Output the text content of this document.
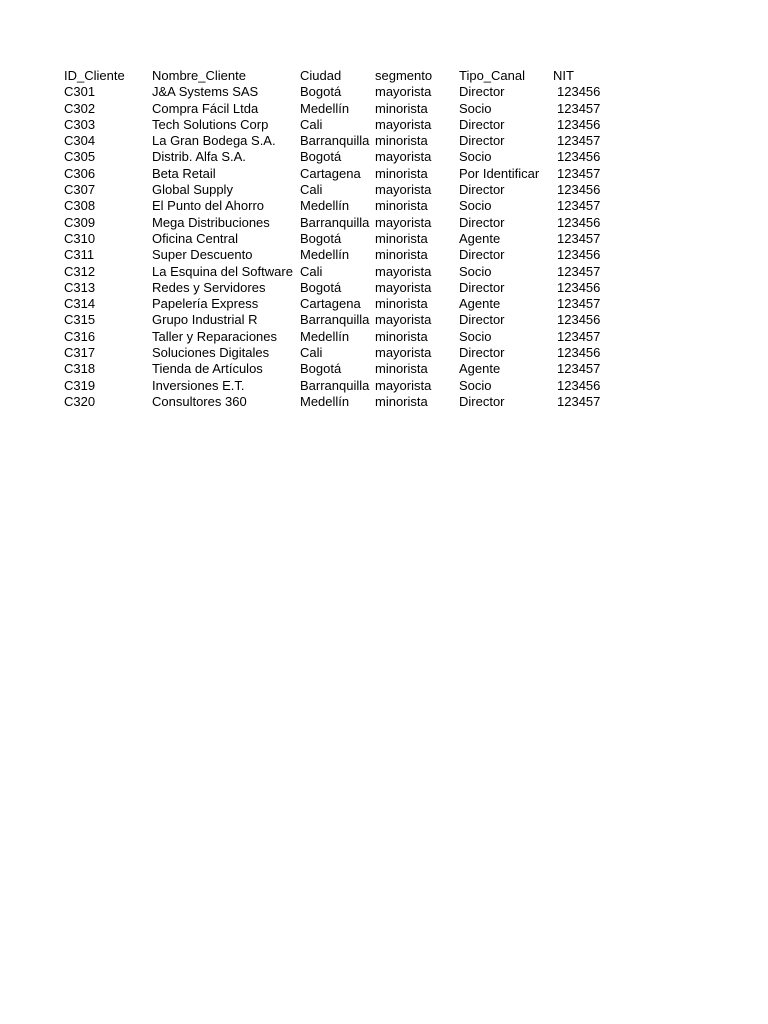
ID_Cliente	Nombre_Cliente	Ciudad	segmento	Tipo_Canal	NIT
C301	J&A Systems SAS	Bogotá	mayorista	Director	123456
C302	Compra Fácil Ltda	Medellín	minorista	Socio	123457
C303	Tech Solutions Corp	Cali	mayorista	Director	123456
C304	La Gran Bodega S.A.	Barranquilla	minorista	Director	123457
C305	Distrib. Alfa S.A.	Bogotá	mayorista	Socio	123456
C306	Beta Retail	Cartagena	minorista	Por Identificar	123457
C307	Global Supply	Cali	mayorista	Director	123456
C308	El Punto del Ahorro	Medellín	minorista	Socio	123457
C309	Mega Distribuciones	Barranquilla	mayorista	Director	123456
C310	Oficina Central	Bogotá	minorista	Agente	123457
C311	Super Descuento	Medellín	minorista	Director	123456
C312	La Esquina del Software	Cali	mayorista	Socio	123457
C313	Redes y Servidores	Bogotá	mayorista	Director	123456
C314	Papelería Express	Cartagena	minorista	Agente	123457
C315	Grupo Industrial R	Barranquilla	mayorista	Director	123456
C316	Taller y Reparaciones	Medellín	minorista	Socio	123457
C317	Soluciones Digitales	Cali	mayorista	Director	123456
C318	Tienda de Artículos	Bogotá	minorista	Agente	123457
C319	Inversiones E.T.	Barranquilla	mayorista	Socio	123456
C320	Consultores 360	Medellín	minorista	Director	123457
